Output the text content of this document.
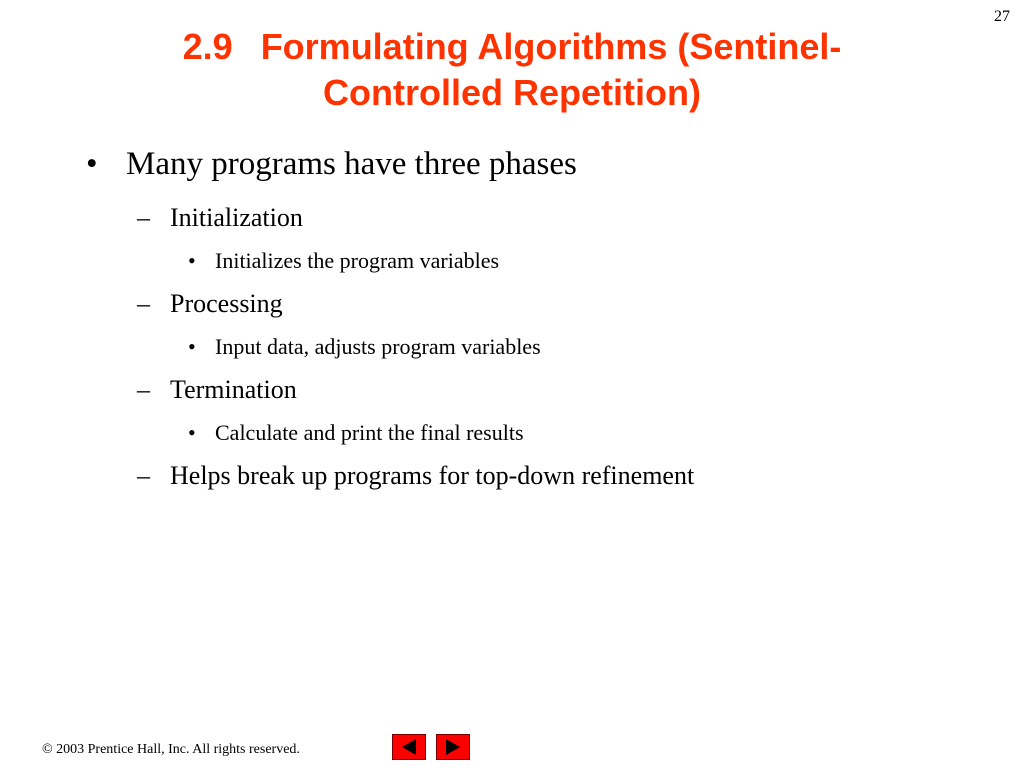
27
2.9 Formulating Algorithms (Sentinel-
Controlled Repetition)
• Many programs have three phases
– Initialization
• Initializes the program variables
– Processing
• Input data, adjusts program variables
– Termination
• Calculate and print the final results
– Helps break up programs for top-down refinement
© 2003 Prentice Hall, Inc. All rights reserved.
